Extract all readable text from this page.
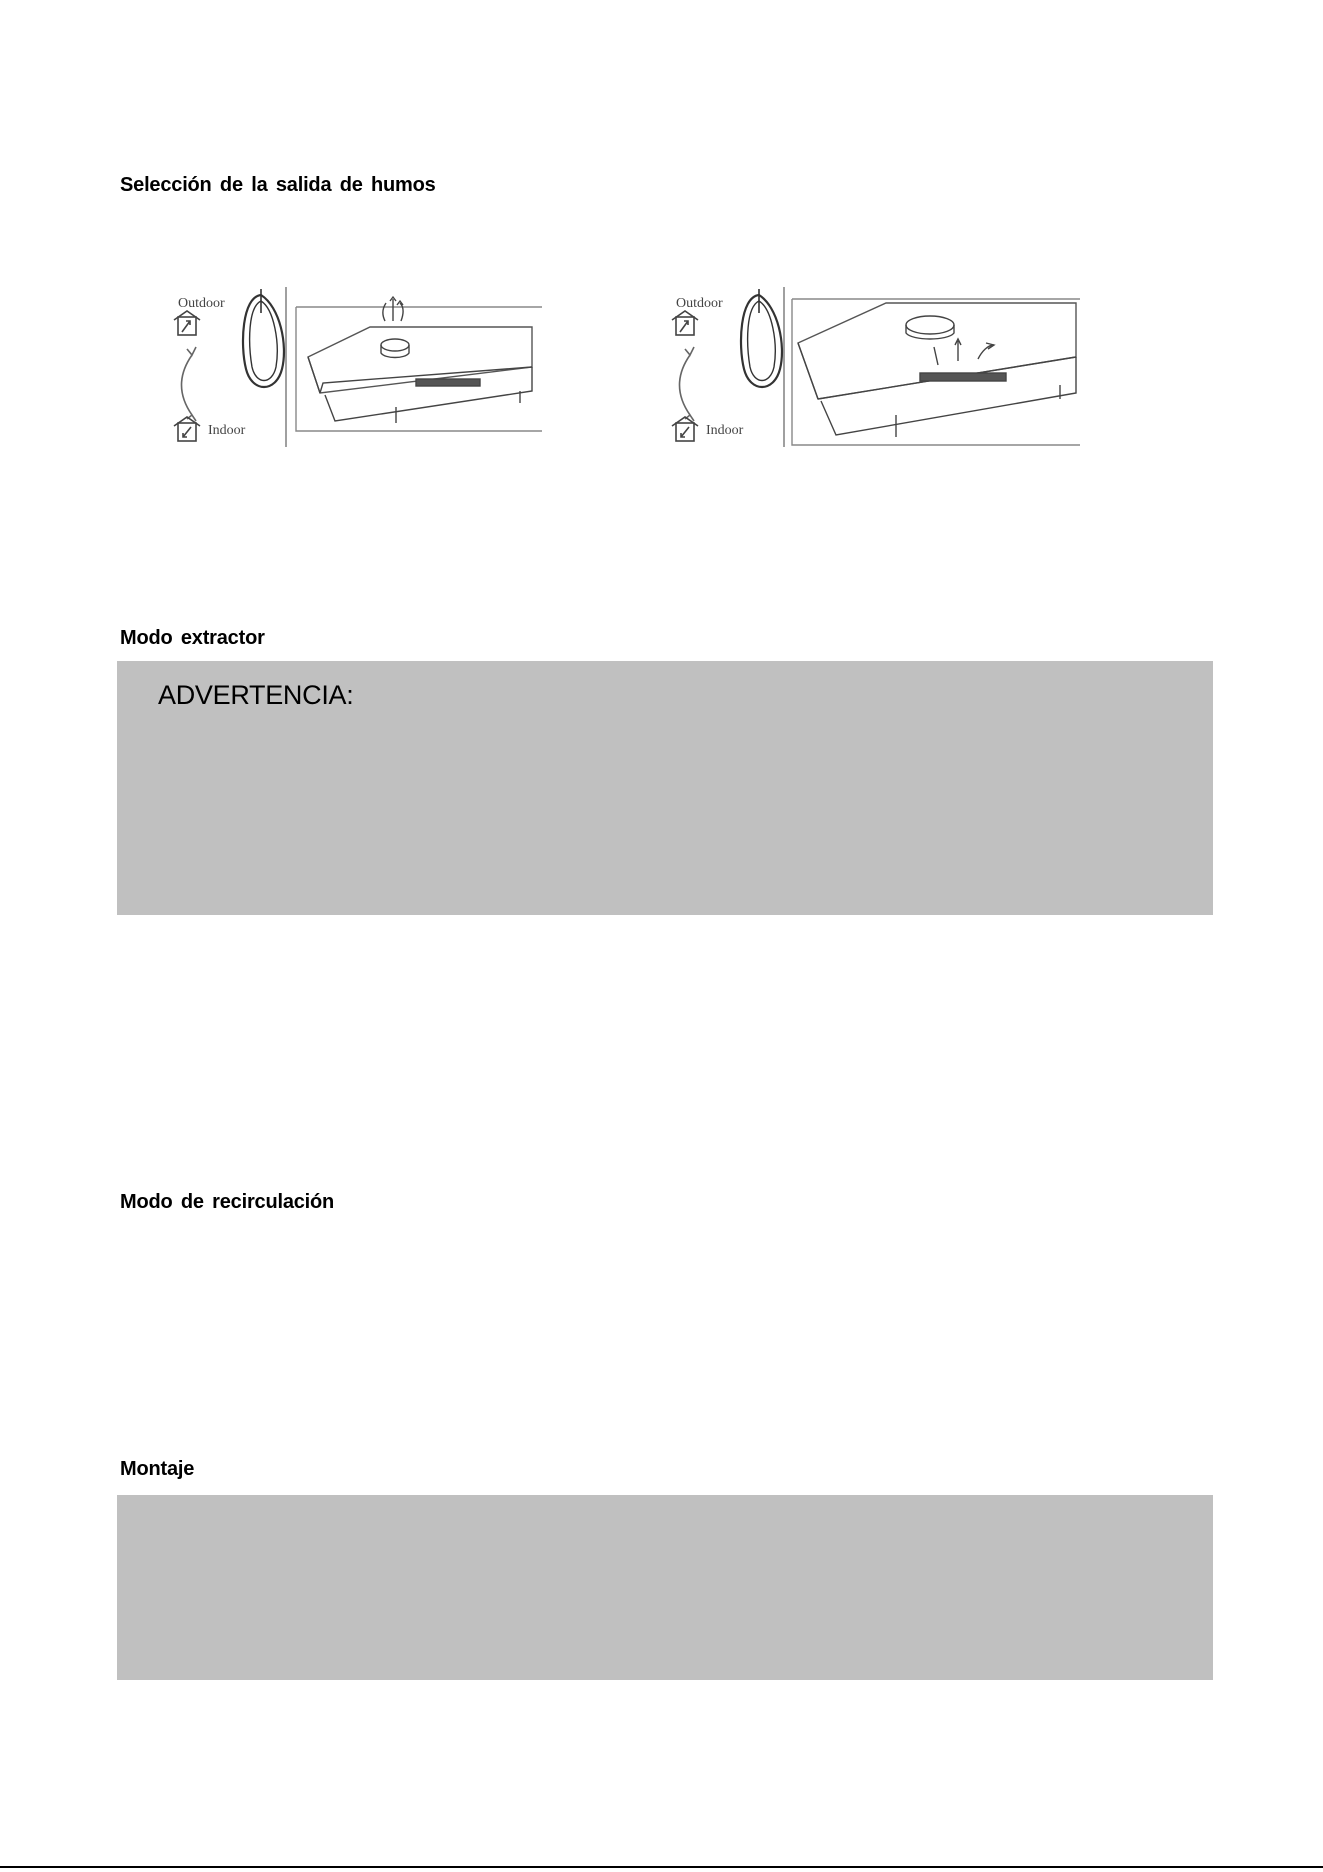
Selección de la salida de humos
Outdoor
Indoor
Outdoor
Indoor
Modo extractor
ADVERTENCIA:
Modo de recirculación
Montaje
